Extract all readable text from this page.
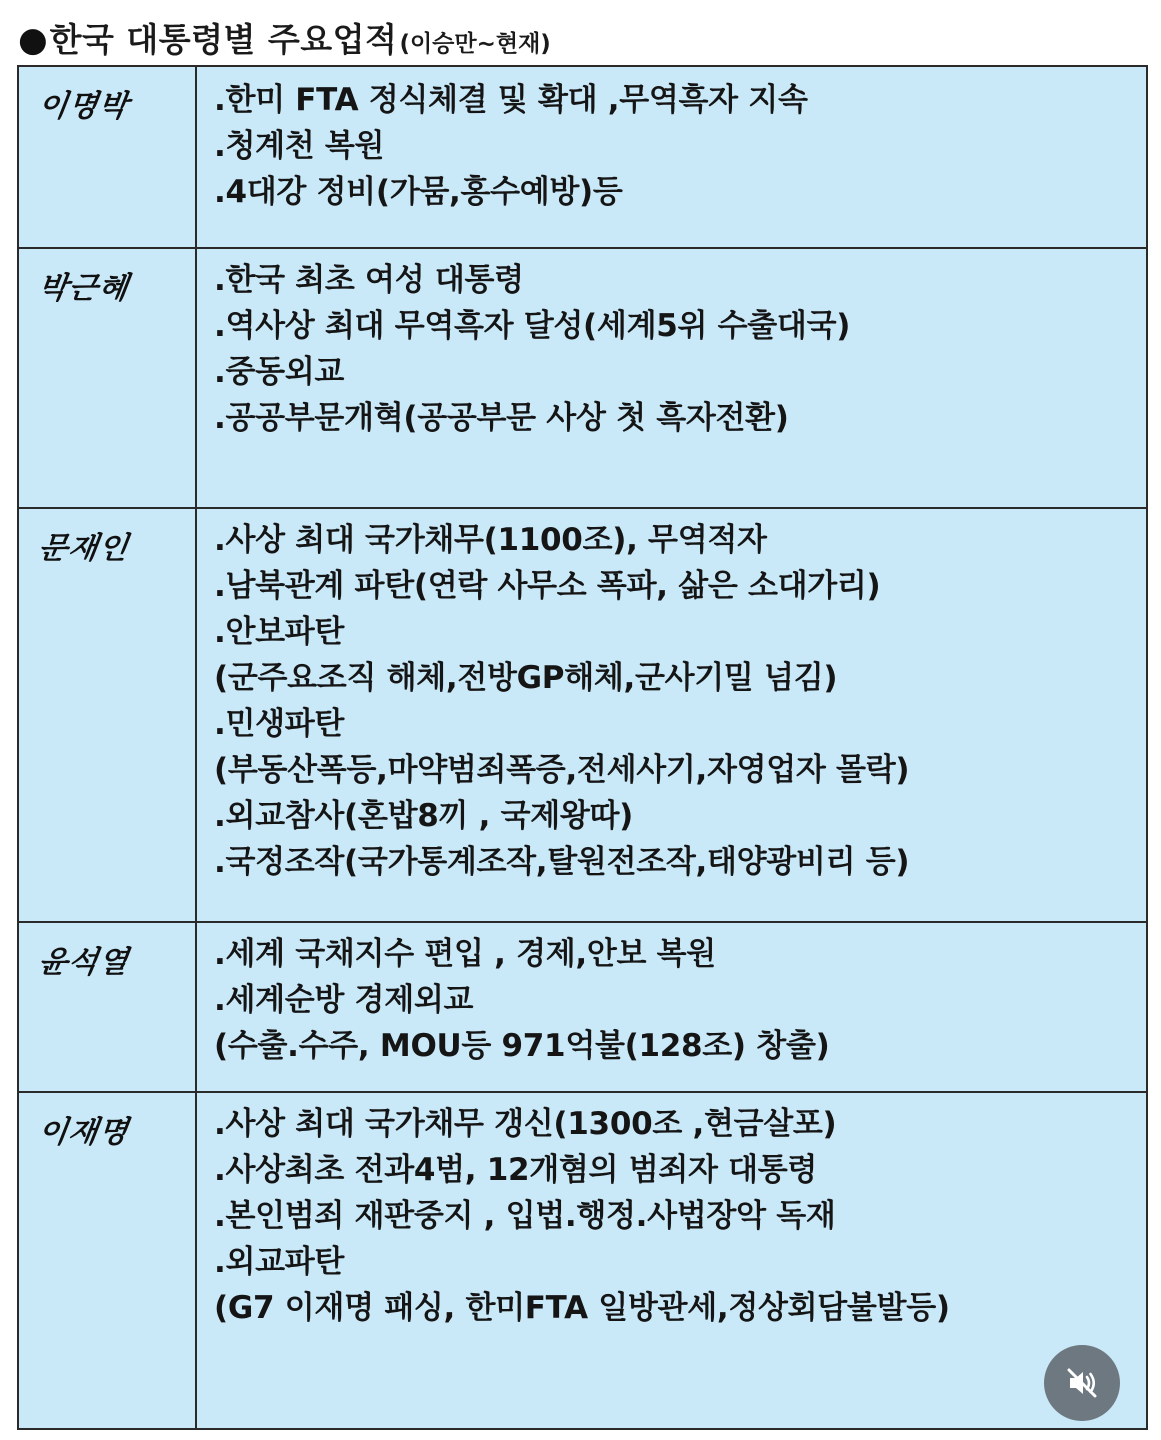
● 한국 대통령별 주요업적 (이승만~현재)
이명박	.한미 FTA 정식체결 및 확대 ,무역흑자 지속
.청계천 복원
.4대강 정비(가뭄,홍수예방)등
박근혜	.한국 최초 여성 대통령
.역사상 최대 무역흑자 달성(세계5위 수출대국)
.중동외교
.공공부문개혁(공공부문 사상 첫 흑자전환)
문재인	.사상 최대 국가채무(1100조), 무역적자
.남북관계 파탄(연락 사무소 폭파, 삶은 소대가리)
.안보파탄
(군주요조직 해체,전방GP해체,군사기밀 넘김)
.민생파탄
(부동산폭등,마약범죄폭증,전세사기,자영업자 몰락)
.외교참사(혼밥8끼 , 국제왕따)
.국정조작(국가통계조작,탈원전조작,태양광비리 등)
윤석열	.세계 국채지수 편입 , 경제,안보 복원
.세계순방 경제외교
(수출.수주, MOU등 971억불(128조) 창출)
이재명	.사상 최대 국가채무 갱신(1300조 ,현금살포)
.사상최초 전과4범, 12개혐의 범죄자 대통령
.본인범죄 재판중지 , 입법.행정.사법장악 독재
.외교파탄
(G7 이재명 패싱, 한미FTA 일방관세,정상회담불발등)
